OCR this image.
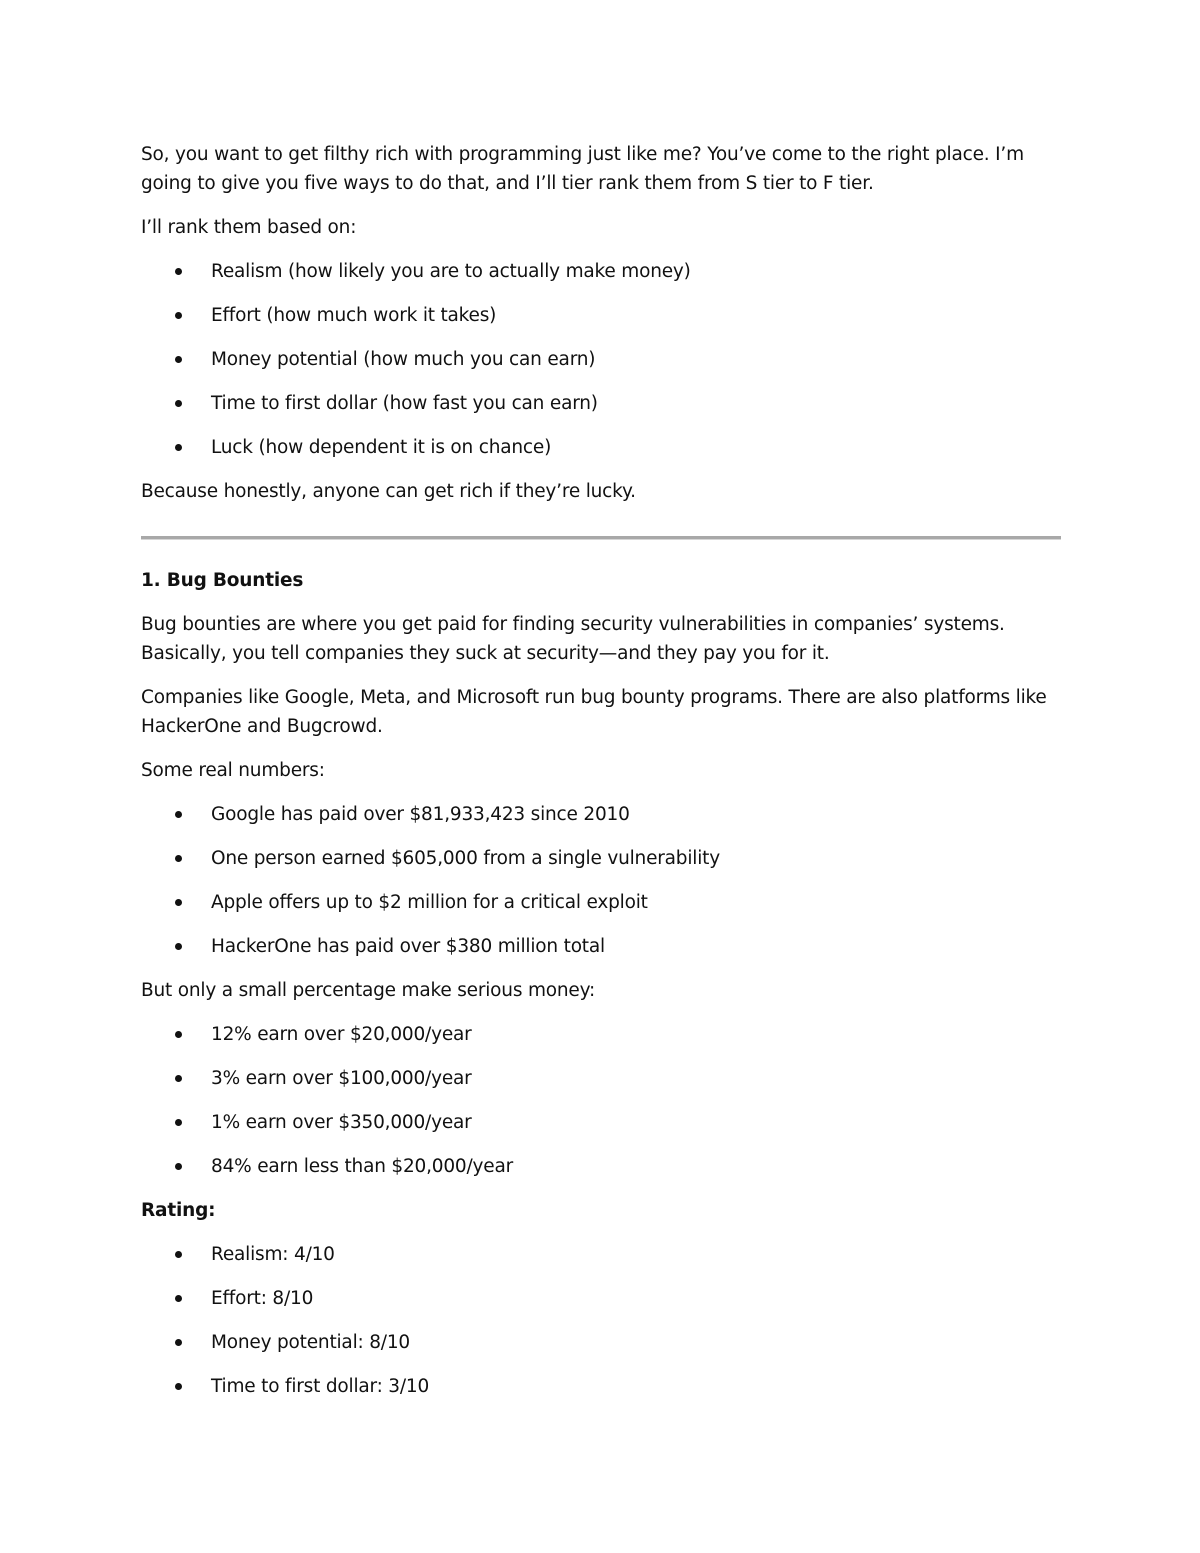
So, you want to get filthy rich with programming just like me? You’ve come to the right place. I’m going to give you five ways to do that, and I’ll tier rank them from S tier to F tier.

I’ll rank them based on:

Realism (how likely you are to actually make money)
Effort (how much work it takes)
Money potential (how much you can earn)
Time to first dollar (how fast you can earn)
Luck (how dependent it is on chance)

Because honestly, anyone can get rich if they’re lucky.

1. Bug Bounties

Bug bounties are where you get paid for finding security vulnerabilities in companies’ systems. Basically, you tell companies they suck at security—and they pay you for it.

Companies like Google, Meta, and Microsoft run bug bounty programs. There are also platforms like HackerOne and Bugcrowd.

Some real numbers:

Google has paid over $81,933,423 since 2010
One person earned $605,000 from a single vulnerability
Apple offers up to $2 million for a critical exploit
HackerOne has paid over $380 million total

But only a small percentage make serious money:

12% earn over $20,000/year
3% earn over $100,000/year
1% earn over $350,000/year
84% earn less than $20,000/year

Rating:

Realism: 4/10
Effort: 8/10
Money potential: 8/10
Time to first dollar: 3/10
